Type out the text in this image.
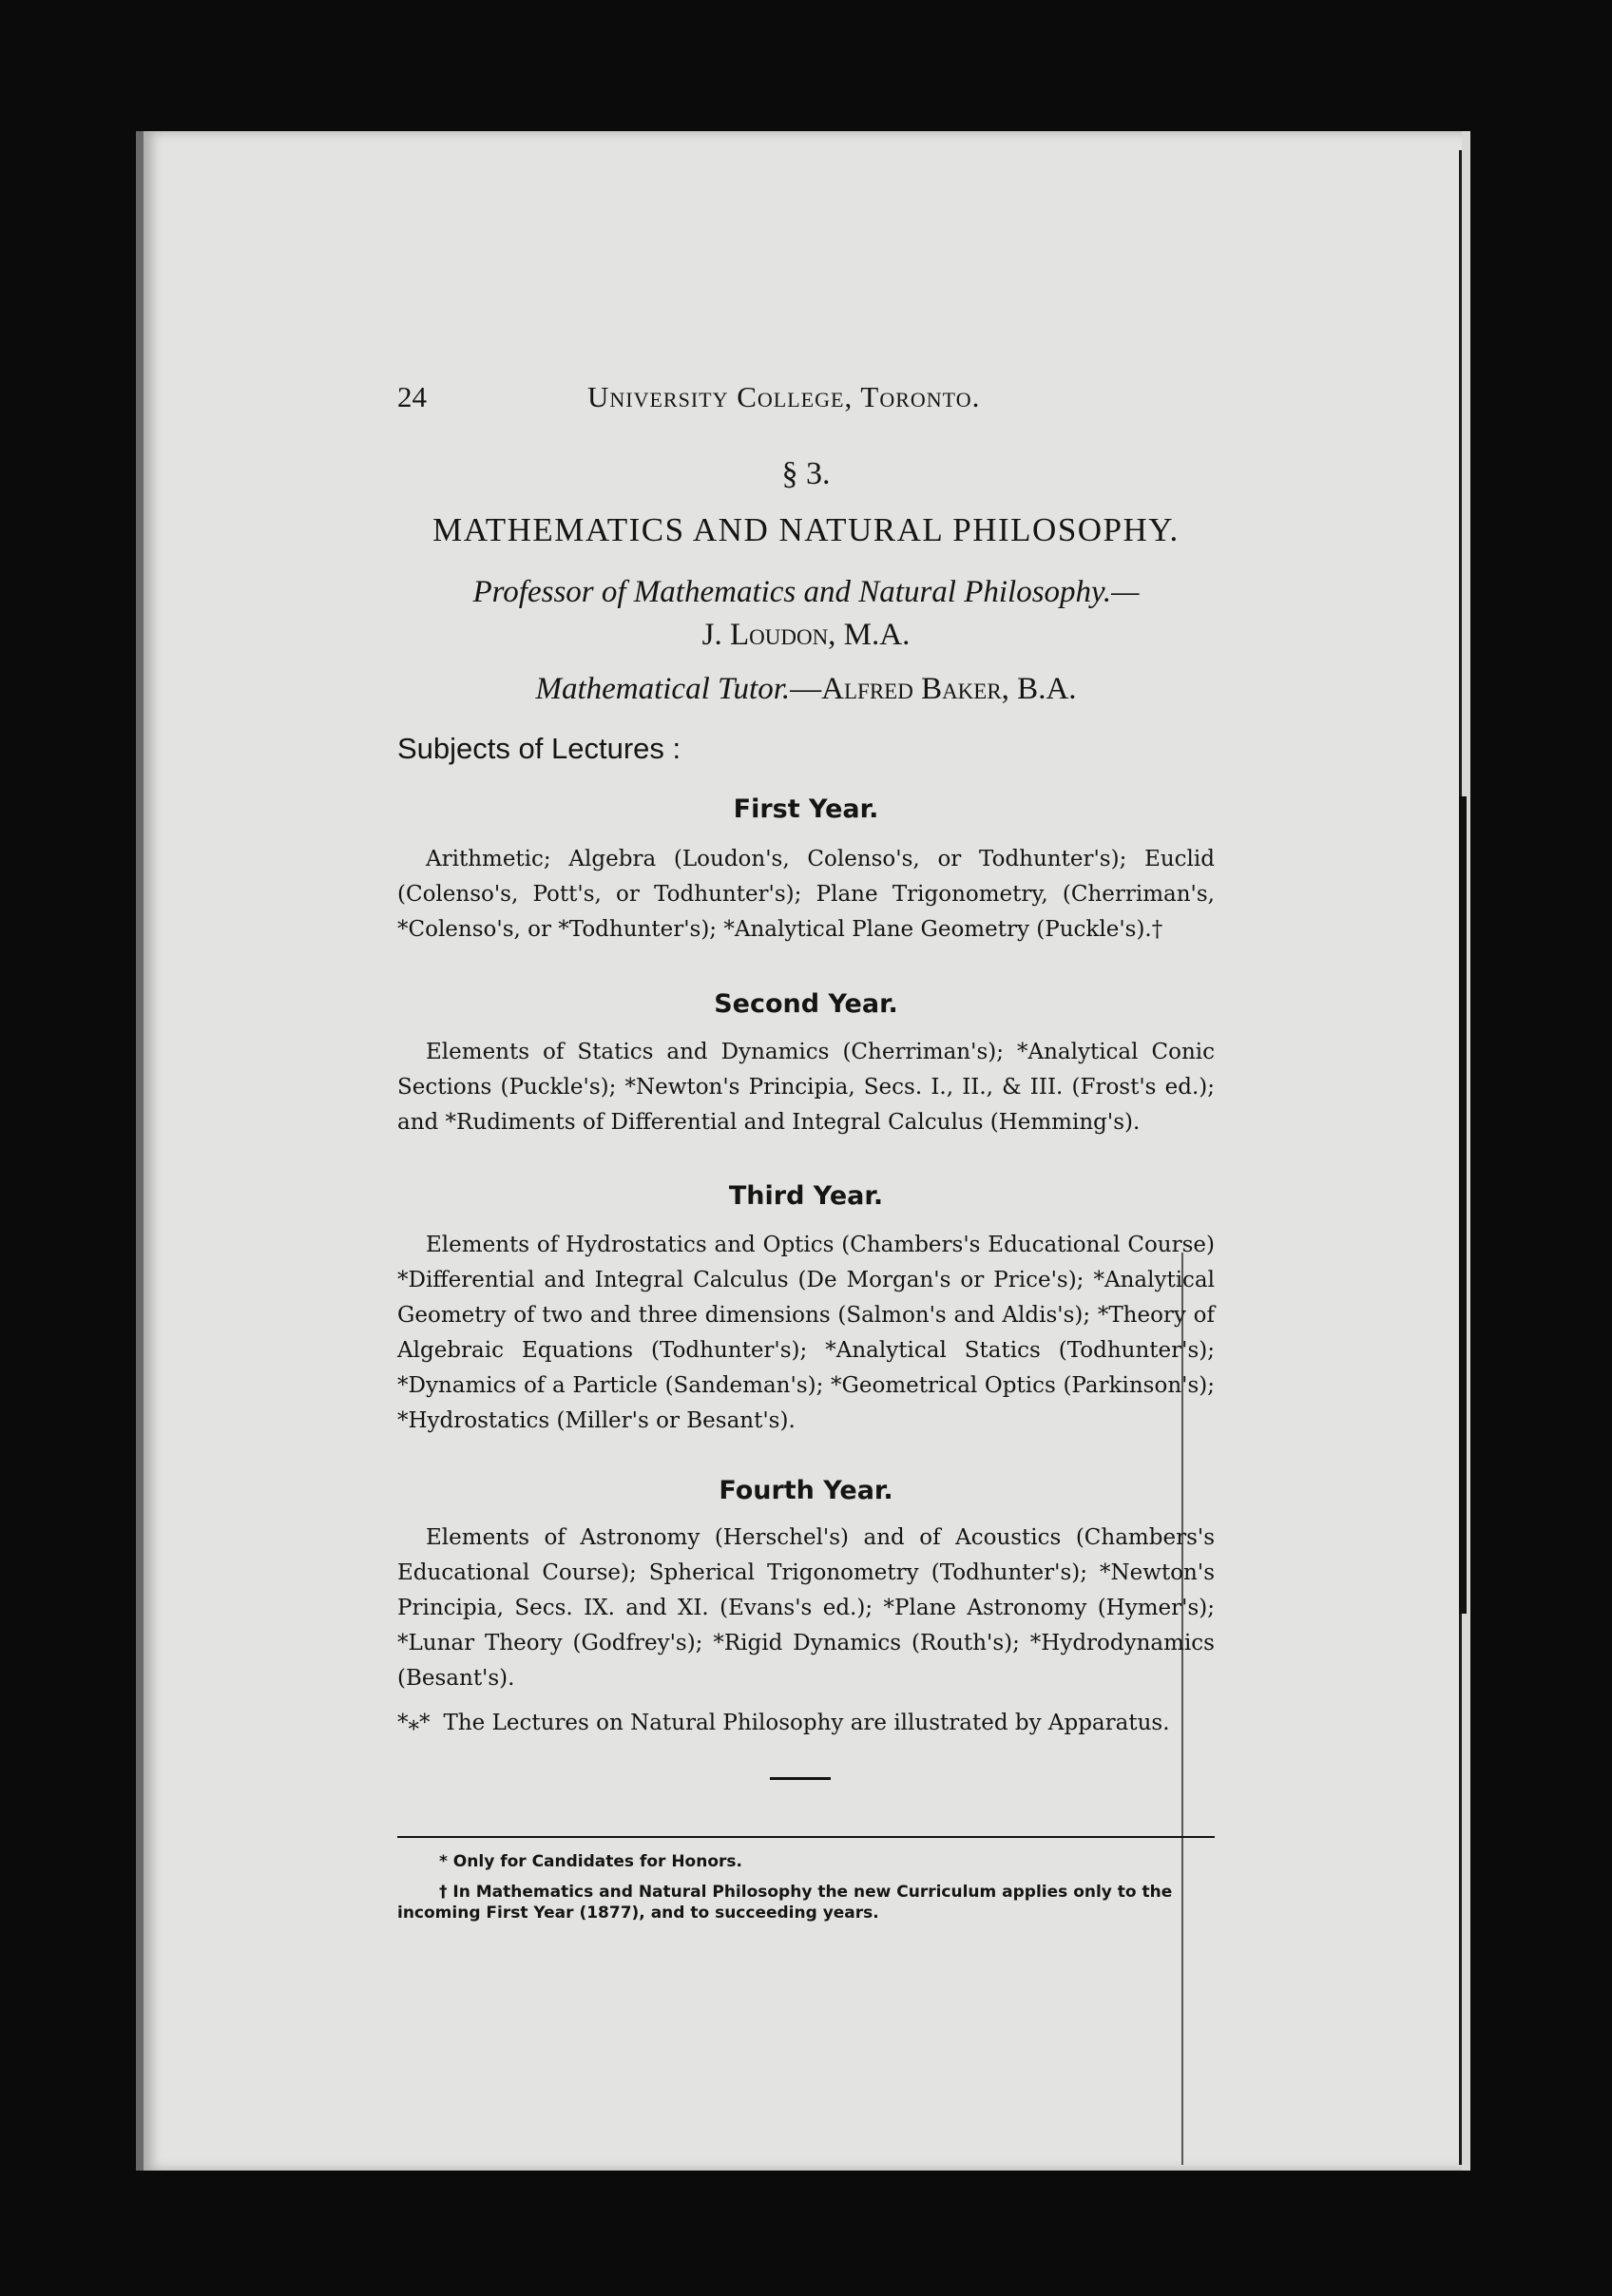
24	University College, Toronto.
§ 3.
MATHEMATICS AND NATURAL PHILOSOPHY.
Professor of Mathematics and Natural Philosophy.—
J. Loudon, M.A.
Mathematical Tutor.—Alfred Baker, B.A.
Subjects of Lectures :
First Year.
Arithmetic; Algebra (Loudon's, Colenso's, or Todhunter's); Euclid (Colenso's, Pott's, or Todhunter's); Plane Trigonometry, (Cherriman's, *Colenso's, or *Todhunter's); *Analytical Plane Geometry (Puckle's).†
Second Year.
Elements of Statics and Dynamics (Cherriman's); *Analytical Conic Sections (Puckle's); *Newton's Principia, Secs. I., II., & III. (Frost's ed.); and *Rudiments of Differential and Integral Calculus (Hemming's).
Third Year.
Elements of Hydrostatics and Optics (Chambers's Educational Course) *Differential and Integral Calculus (De Morgan's or Price's); *Analytical Geometry of two and three dimensions (Salmon's and Aldis's); *Theory of Algebraic Equations (Todhunter's); *Analytical Statics (Todhunter's); *Dynamics of a Particle (Sandeman's); *Geometrical Optics (Parkinson's); *Hydrostatics (Miller's or Besant's).
Fourth Year.
Elements of Astronomy (Herschel's) and of Acoustics (Chambers's Educational Course); Spherical Trigonometry (Todhunter's); *Newton's Principia, Secs. IX. and XI. (Evans's ed.); *Plane Astronomy (Hymer's); *Lunar Theory (Godfrey's); *Rigid Dynamics (Routh's); *Hydrodynamics (Besant's).
*⁎* The Lectures on Natural Philosophy are illustrated by Apparatus.
* Only for Candidates for Honors.
† In Mathematics and Natural Philosophy the new Curriculum applies only to the incoming First Year (1877), and to succeeding years.
